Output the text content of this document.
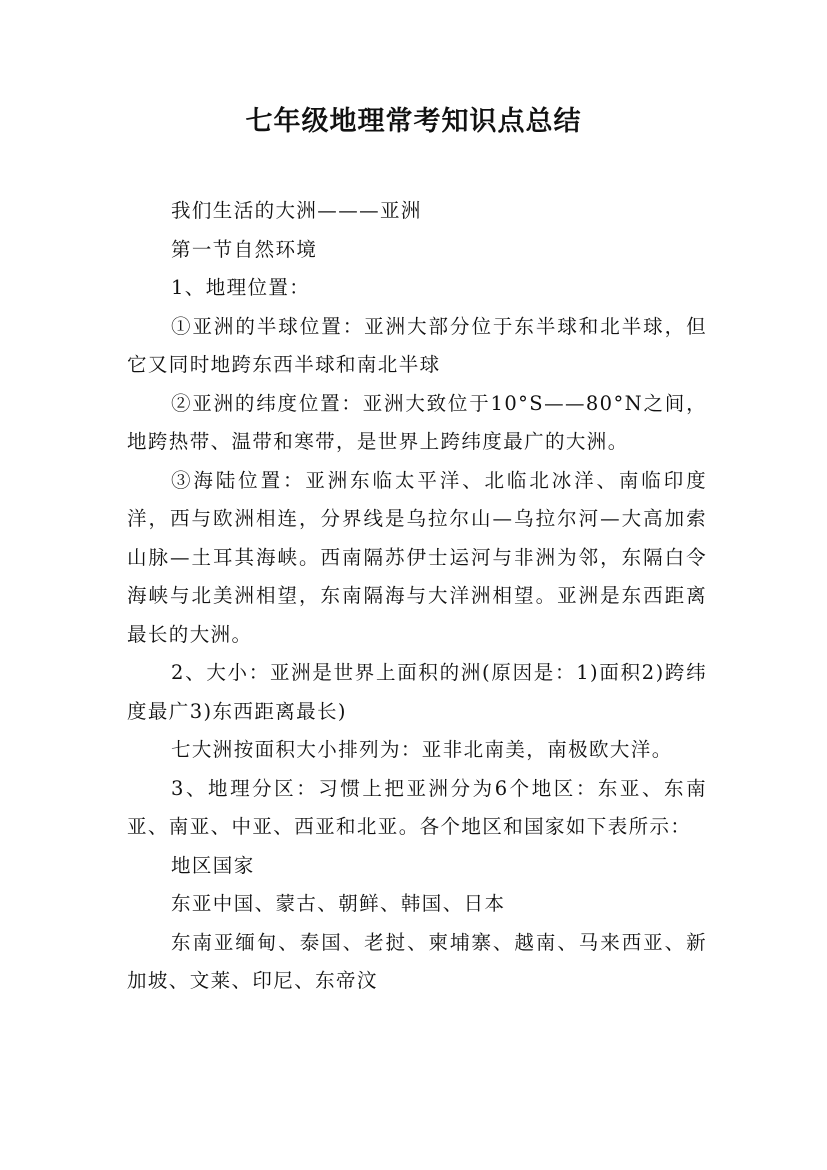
七年级地理常考知识点总结

我们生活的大洲———亚洲

第一节自然环境

1、地理位置：

①亚洲的半球位置：亚洲大部分位于东半球和北半球，但它又同时地跨东西半球和南北半球

②亚洲的纬度位置：亚洲大致位于10°S——80°N之间，地跨热带、温带和寒带，是世界上跨纬度最广的大洲。

③海陆位置：亚洲东临太平洋、北临北冰洋、南临印度洋，西与欧洲相连，分界线是乌拉尔山—乌拉尔河—大高加索山脉—土耳其海峡。西南隔苏伊士运河与非洲为邻，东隔白令海峡与北美洲相望，东南隔海与大洋洲相望。亚洲是东西距离最长的大洲。

2、大小：亚洲是世界上面积的洲(原因是：1)面积2)跨纬度最广3)东西距离最长)

七大洲按面积大小排列为：亚非北南美，南极欧大洋。

3、地理分区：习惯上把亚洲分为6个地区：东亚、东南亚、南亚、中亚、西亚和北亚。各个地区和国家如下表所示：

地区国家

东亚中国、蒙古、朝鲜、韩国、日本

东南亚缅甸、泰国、老挝、柬埔寨、越南、马来西亚、新加坡、文莱、印尼、东帝汶
